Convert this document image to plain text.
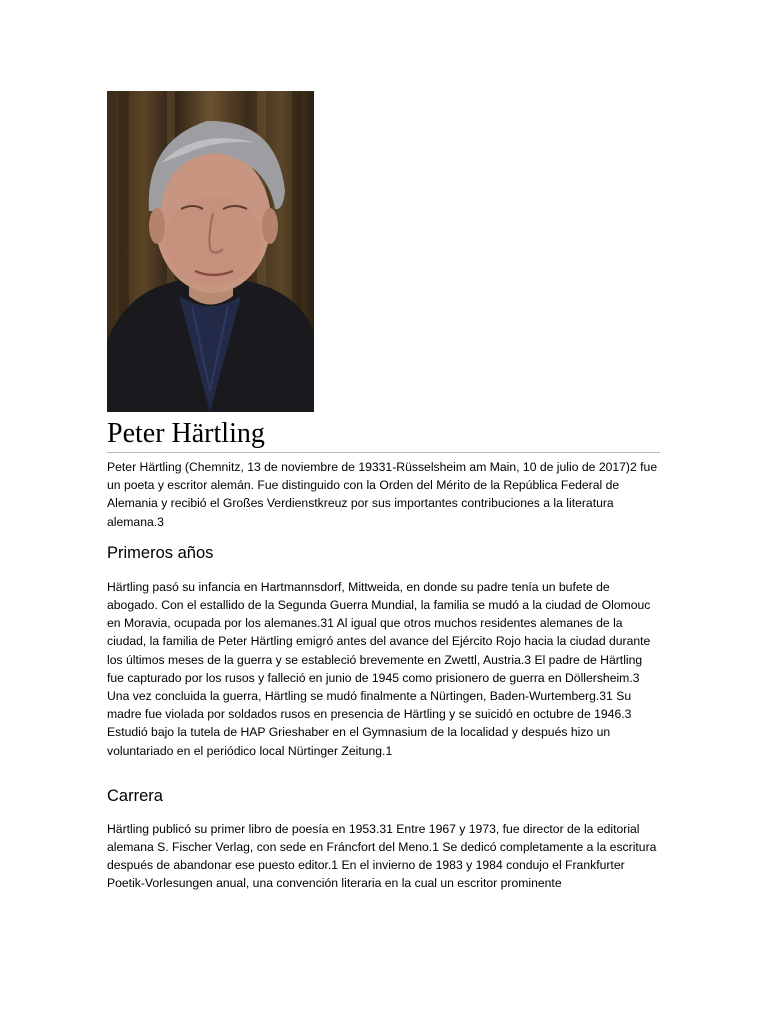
Peter Härtling

Peter Härtling (Chemnitz, 13 de noviembre de 19331-Rüsselsheim am Main, 10 de julio de 2017)2 fue un poeta y escritor alemán. Fue distinguido con la Orden del Mérito de la República Federal de Alemania y recibió el Großes Verdienstkreuz por sus importantes contribuciones a la literatura alemana.3

Primeros años

Härtling pasó su infancia en Hartmannsdorf, Mittweida, en donde su padre tenía un bufete de abogado. Con el estallido de la Segunda Guerra Mundial, la familia se mudó a la ciudad de Olomouc en Moravia, ocupada por los alemanes.31 Al igual que otros muchos residentes alemanes de la ciudad, la familia de Peter Härtling emigró antes del avance del Ejército Rojo hacia la ciudad durante los últimos meses de la guerra y se estableció brevemente en Zwettl, Austria.3 El padre de Härtling fue capturado por los rusos y falleció en junio de 1945 como prisionero de guerra en Döllersheim.3 Una vez concluida la guerra, Härtling se mudó finalmente a Nürtingen, Baden-Wurtemberg.31 Su madre fue violada por soldados rusos en presencia de Härtling y se suicidó en octubre de 1946.3 Estudió bajo la tutela de HAP Grieshaber en el Gymnasium de la localidad y después hizo un voluntariado en el periódico local Nürtinger Zeitung.1

Carrera

Härtling publicó su primer libro de poesía en 1953.31 Entre 1967 y 1973, fue director de la editorial alemana S. Fischer Verlag, con sede en Fráncfort del Meno.1 Se dedicó completamente a la escritura después de abandonar ese puesto editor.1 En el invierno de 1983 y 1984 condujo el Frankfurter Poetik-Vorlesungen anual, una convención literaria en la cual un escritor prominente
